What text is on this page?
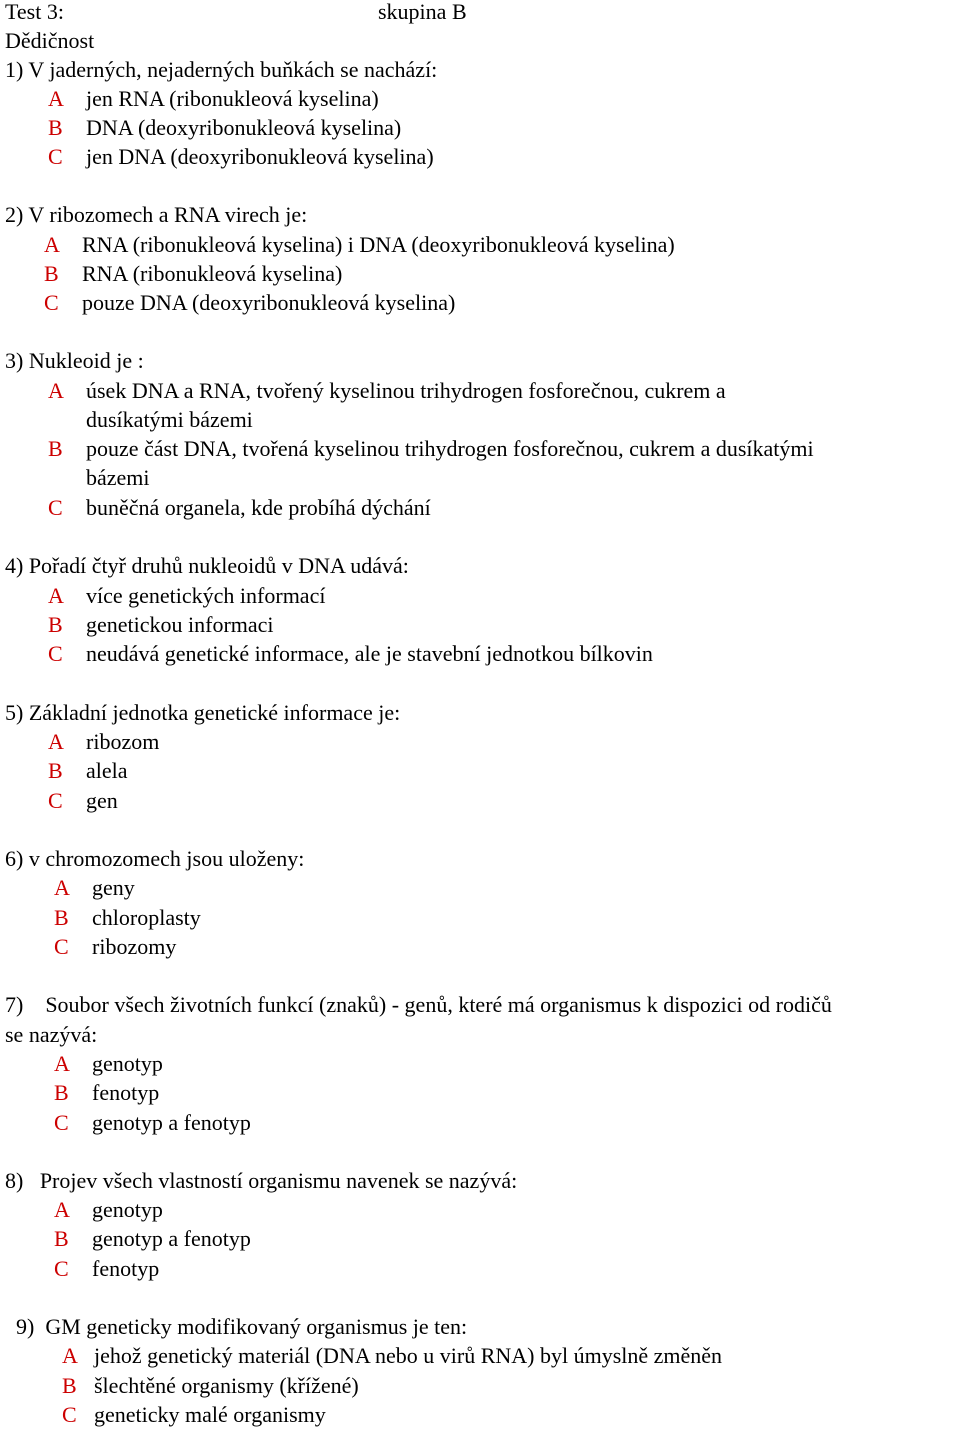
Test 3:	skupina B
Dědičnost
1) V jaderných, nejaderných buňkách se nachází:
A jen RNA (ribonukleová kyselina)
B DNA (deoxyribonukleová kyselina)
C jen DNA (deoxyribonukleová kyselina)
2) V ribozomech a RNA virech je:
A RNA (ribonukleová kyselina) i DNA (deoxyribonukleová kyselina)
B RNA (ribonukleová kyselina)
C pouze DNA (deoxyribonukleová kyselina)
3) Nukleoid je :
A úsek DNA a RNA, tvořený kyselinou trihydrogen fosforečnou, cukrem a
dusíkatými bázemi
B pouze část DNA, tvořená kyselinou trihydrogen fosforečnou, cukrem a dusíkatými
bázemi
C buněčná organela, kde probíhá dýchání
4) Pořadí čtyř druhů nukleoidů v DNA udává:
A více genetických informací
B genetickou informaci
C neudává genetické informace, ale je stavební jednotkou bílkovin
5) Základní jednotka genetické informace je:
A ribozom
B alela
C gen
6) v chromozomech jsou uloženy:
A geny
B chloroplasty
C ribozomy
7)    Soubor všech životních funkcí (znaků) - genů, které má organismus k dispozici od rodičů
se nazývá:
A genotyp
B fenotyp
C genotyp a fenotyp
8)   Projev všech vlastností organismu navenek se nazývá:
A genotyp
B genotyp a fenotyp
C fenotyp
9)  GM geneticky modifikovaný organismus je ten:
A jehož genetický materiál (DNA nebo u virů RNA) byl úmyslně změněn
B šlechtěné organismy (křížené)
C geneticky malé organismy
